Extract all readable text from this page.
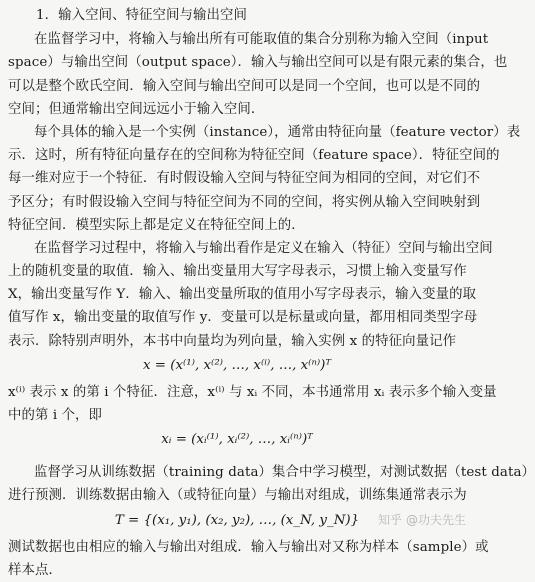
1．输入空间、特征空间与输出空间
在监督学习中，将输入与输出所有可能取值的集合分别称为输入空间（input
space）与输出空间（output space）．输入与输出空间可以是有限元素的集合，也
可以是整个欧氏空间．输入空间与输出空间可以是同一个空间，也可以是不同的
空间；但通常输出空间远远小于输入空间．
每个具体的输入是一个实例（instance），通常由特征向量（feature vector）表
示．这时，所有特征向量存在的空间称为特征空间（feature space）．特征空间的
每一维对应于一个特征．有时假设输入空间与特征空间为相同的空间，对它们不
予区分；有时假设输入空间与特征空间为不同的空间，将实例从输入空间映射到
特征空间．模型实际上都是定义在特征空间上的．
在监督学习过程中，将输入与输出看作是定义在输入（特征）空间与输出空间
上的随机变量的取值．输入、输出变量用大写字母表示，习惯上输入变量写作
X，输出变量写作 Y．输入、输出变量所取的值用小写字母表示，输入变量的取
值写作 x，输出变量的取值写作 y．变量可以是标量或向量，都用相同类型字母
表示．除特别声明外，本书中向量均为列向量，输入实例 x 的特征向量记作
x = (x⁽¹⁾, x⁽²⁾, …, x⁽ⁱ⁾, …, x⁽ⁿ⁾)ᵀ
x⁽ⁱ⁾ 表示 x 的第 i 个特征．注意，x⁽ⁱ⁾ 与 xᵢ 不同，本书通常用 xᵢ 表示多个输入变量
中的第 i 个，即
xᵢ = (xᵢ⁽¹⁾, xᵢ⁽²⁾, …, xᵢ⁽ⁿ⁾)ᵀ
监督学习从训练数据（training data）集合中学习模型，对测试数据（test data）
进行预测．训练数据由输入（或特征向量）与输出对组成，训练集通常表示为
T = {(x₁, y₁), (x₂, y₂), …, (x_N, y_N)}
测试数据也由相应的输入与输出对组成．输入与输出对又称为样本（sample）或
样本点．
知乎 @功夫先生
